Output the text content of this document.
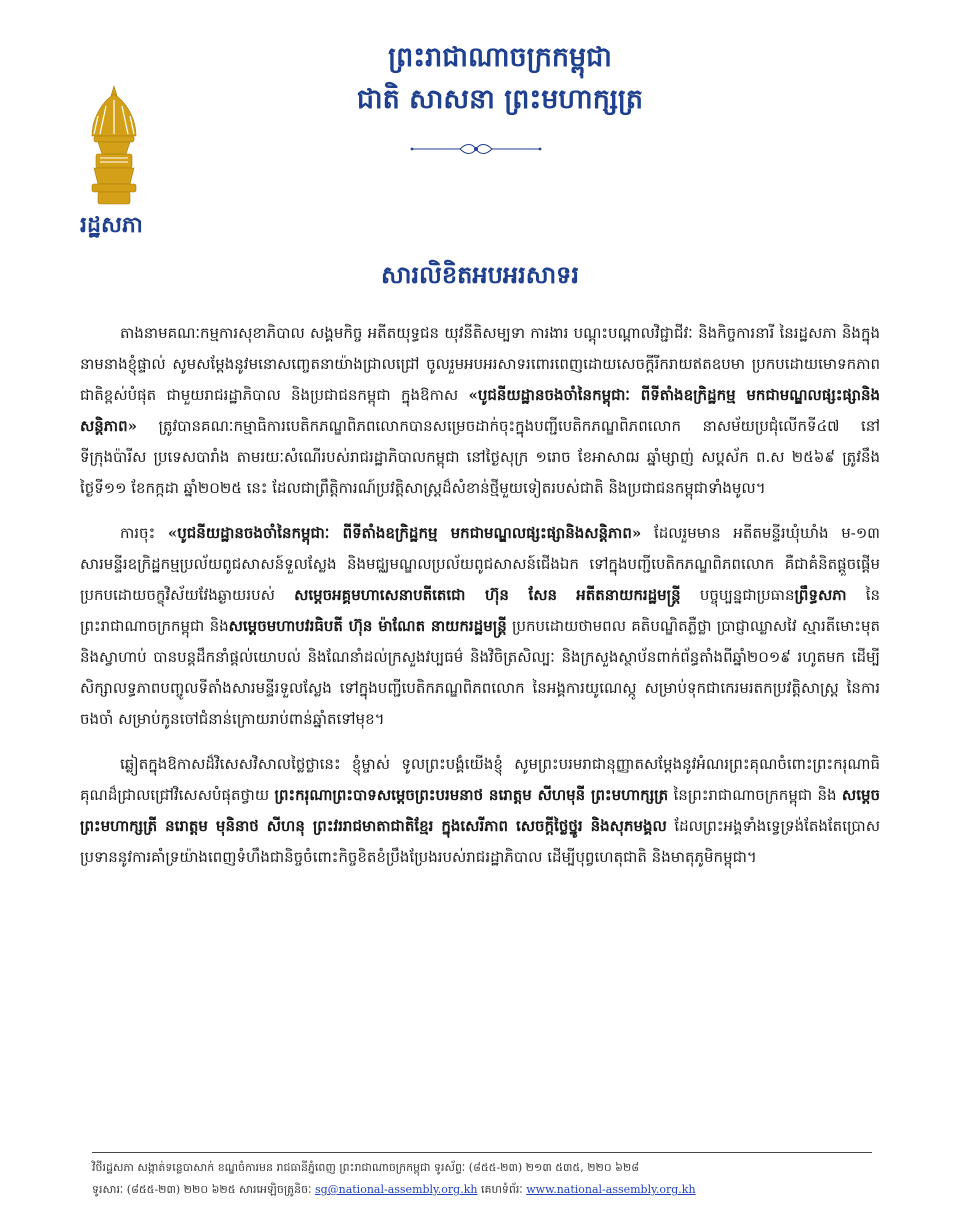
រដ្ឋសភា
ព្រះរាជាណាចក្រកម្ពុជា
ជាតិ សាសនា ព្រះមហាក្សត្រ
សារលិខិតអបអរសាទរ

តាងនាមគណៈកម្មការសុខាភិបាល សង្គមកិច្ច អតីតយុទ្ធជន យុវនីតិសម្បទា ការងារ បណ្តុះបណ្តាលវិជ្ជាជីវៈ និងកិច្ចការនារី នៃរដ្ឋសភា និងក្នុងនាមនាងខ្ញុំផ្ទាល់ សូមសម្តែងនូវមនោសញ្ចេតនាយ៉ាងជ្រាលជ្រៅ ចូលរួមអបអរសាទរពោរពេញដោយសេចក្តីរីករាយឥតឧបមា ប្រកបដោយមោទកភាពជាតិខ្ពស់បំផុត ជាមួយរាជរដ្ឋាភិបាល និងប្រជាជនកម្ពុជា ក្នុងឱកាស «បូជនីយដ្ឋានចងចាំនៃកម្ពុជាៈ ពីទីតាំងឧក្រិដ្ឋកម្ម មកជាមណ្ឌលផ្សះផ្សានិងសន្តិភាព» ត្រូវបានគណៈកម្មាធិការបេតិកភណ្ឌពិភពលោកបានសម្រេចដាក់ចុះក្នុងបញ្ជីបេតិកភណ្ឌពិភពលោក នាសម័យប្រជុំលើកទី៤៧ នៅទីក្រុងប៉ារីស ប្រទេសបារាំង តាមរយៈសំណើរបស់រាជរដ្ឋាភិបាលកម្ពុជា នៅថ្ងៃសុក្រ ១រោច ខែអាសាឍ ឆ្នាំម្សាញ់ សប្តស័ក ព.ស ២៥៦៩ ត្រូវនឹងថ្ងៃទី១១ ខែកក្កដា ឆ្នាំ២០២៥ នេះ ដែលជាព្រឹត្តិការណ៍ប្រវត្តិសាស្ត្រដ៏សំខាន់ថ្មីមួយទៀតរបស់ជាតិ និងប្រជាជនកម្ពុជាទាំងមូល។

ការចុះ «បូជនីយដ្ឋានចងចាំនៃកម្ពុជាៈ ពីទីតាំងឧក្រិដ្ឋកម្ម មកជាមណ្ឌលផ្សះផ្សានិងសន្តិភាព» ដែលរួមមាន អតីតមន្ទីរឃុំឃាំង ម-១៣ សារមន្ទីរឧក្រិដ្ឋកម្មប្រល័យពូជសាសន៍ទួលស្លែង និងមជ្ឈមណ្ឌលប្រល័យពូជសាសន៍ជើងឯក ទៅក្នុងបញ្ជីបេតិកភណ្ឌពិភពលោក គឺជាគំនិតផ្តួចផ្តើមប្រកបដោយចក្ខុវិស័យវែងឆ្ងាយរបស់ សម្តេចអគ្គមហាសេនាបតីតេជោ ហ៊ុន សែន អតីតនាយករដ្ឋមន្ត្រី បច្ចុប្បន្នជាប្រធានព្រឹទ្ធសភា នៃព្រះរាជាណាចក្រកម្ពុជា និងសម្តេចមហាបវរធិបតី ហ៊ុន ម៉ាណែត នាយករដ្ឋមន្ត្រី ប្រកបដោយថាមពល គតិបណ្ឌិតភ្លឺថ្លា ប្រាជ្ញាឈ្លាសវៃ ស្មារតីមោះមុត និងស្វាហាប់ បានបន្តដឹកនាំផ្តល់យោបល់ និងណែនាំដល់ក្រសួងវប្បធម៌ និងវិចិត្រសិល្បៈ និងក្រសួងស្ថាប័នពាក់ព័ន្ធតាំងពីឆ្នាំ២០១៩ រហូតមក ដើម្បីសិក្សាលទ្ធភាពបញ្ចូលទីតាំងសារមន្ទីរទួលស្លែង ទៅក្នុងបញ្ជីបេតិកភណ្ឌពិភពលោក នៃអង្គការយូណេស្កូ សម្រាប់ទុកជាកេរមរតកប្រវត្តិសាស្ត្រ នៃការចងចាំ សម្រាប់កូនចៅជំនាន់ក្រោយរាប់ពាន់ឆ្នាំតទៅមុខ។

ឆ្លៀតក្នុងឱកាសដ៏វិសេសវិសាលថ្លៃថ្លានេះ ខ្ញុំម្ចាស់ ទូលព្រះបង្គំយើងខ្ញុំ សូមព្រះបរមរាជានុញ្ញាតសម្តែងនូវអំណរព្រះគុណចំពោះព្រះករុណាធិគុណដ៏ជ្រាលជ្រៅវិសេសបំផុតថ្វាយ ព្រះករុណាព្រះបាទសម្តេចព្រះបរមនាថ នរោត្តម សីហមុនី ព្រះមហាក្សត្រ នៃព្រះរាជាណាចក្រកម្ពុជា និង សម្តេចព្រះមហាក្សត្រី នរោត្តម មុនិនាថ សីហនុ ព្រះវររាជមាតាជាតិខ្មែរ ក្នុងសេរីភាព សេចក្តីថ្លៃថ្នូរ និងសុភមង្គល ដែលព្រះអង្គទាំងទ្វេទ្រង់តែងតែប្រោសប្រទាននូវការគាំទ្រយ៉ាងពេញទំហឹងជានិច្ចចំពោះកិច្ចខិតខំប្រឹងប្រែងរបស់រាជរដ្ឋាភិបាល ដើម្បីបុព្វហេតុជាតិ និងមាតុភូមិកម្ពុជា។

វិថីរដ្ឋសភា សង្កាត់ទន្លេបាសាក់ ខណ្ឌចំការមន រាជធានីភ្នំពេញ ព្រះរាជាណាចក្រកម្ពុជា ទូរស័ព្ទៈ (៨៥៥-២៣) ២១៣ ៥៣៥, ២២០ ៦២៨
ទូរសារៈ (៨៥៥-២៣) ២២០ ៦២៥ សារអេឡិចត្រូនិចៈ sg@national-assembly.org.kh គេហទំព័រៈ www.national-assembly.org.kh
